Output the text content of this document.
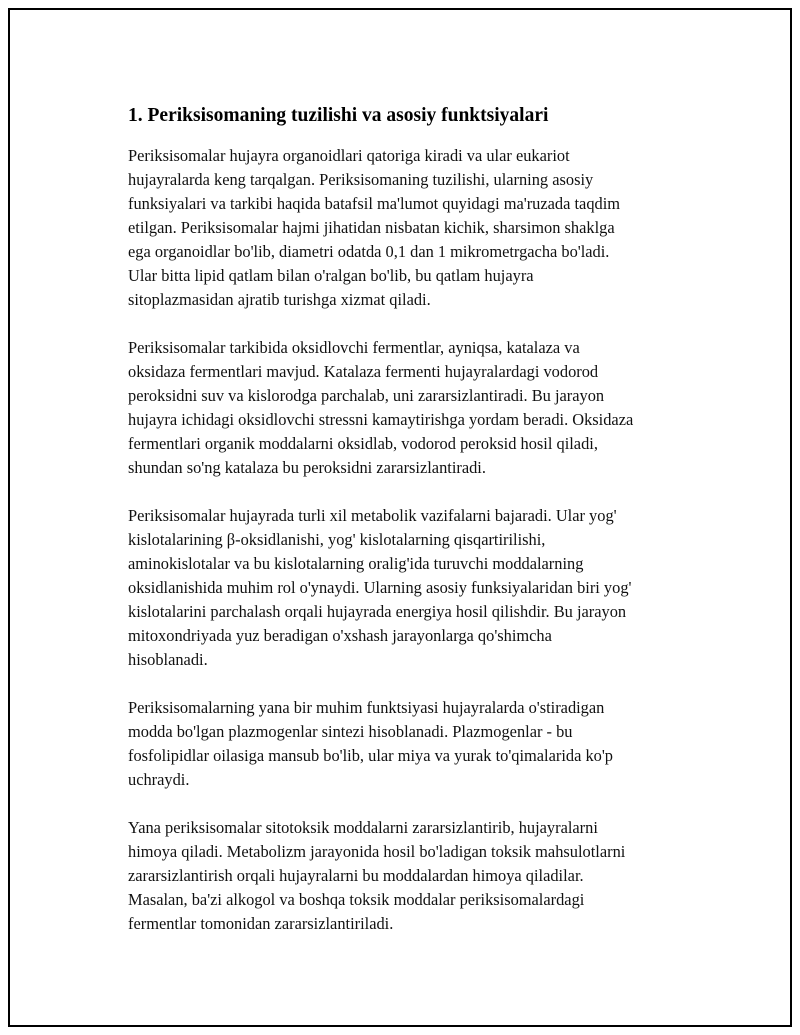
1. Periksisomaning tuzilishi va asosiy funktsiyalari
Periksisomalar hujayra organoidlari qatoriga kiradi va ular eukariot
hujayralarda keng tarqalgan. Periksisomaning tuzilishi, ularning asosiy
funksiyalari va tarkibi haqida batafsil ma'lumot quyidagi ma'ruzada taqdim
etilgan. Periksisomalar hajmi jihatidan nisbatan kichik, sharsimon shaklga
ega organoidlar bo'lib, diametri odatda 0,1 dan 1 mikrometrgacha bo'ladi.
Ular bitta lipid qatlam bilan o'ralgan bo'lib, bu qatlam hujayra
sitoplazmasidan ajratib turishga xizmat qiladi.
Periksisomalar tarkibida oksidlovchi fermentlar, ayniqsa, katalaza va
oksidaza fermentlari mavjud. Katalaza fermenti hujayralardagi vodorod
peroksidni suv va kislorodga parchalab, uni zararsizlantiradi. Bu jarayon
hujayra ichidagi oksidlovchi stressni kamaytirishga yordam beradi. Oksidaza
fermentlari organik moddalarni oksidlab, vodorod peroksid hosil qiladi,
shundan so'ng katalaza bu peroksidni zararsizlantiradi.
Periksisomalar hujayrada turli xil metabolik vazifalarni bajaradi. Ular yog'
kislotalarining β-oksidlanishi, yog' kislotalarning qisqartirilishi,
aminokislotalar va bu kislotalarning oralig'ida turuvchi moddalarning
oksidlanishida muhim rol o'ynaydi. Ularning asosiy funksiyalaridan biri yog'
kislotalarini parchalash orqali hujayrada energiya hosil qilishdir. Bu jarayon
mitoxondriyada yuz beradigan o'xshash jarayonlarga qo'shimcha
hisoblanadi.
Periksisomalarning yana bir muhim funktsiyasi hujayralarda o'stiradigan
modda bo'lgan plazmogenlar sintezi hisoblanadi. Plazmogenlar - bu
fosfolipidlar oilasiga mansub bo'lib, ular miya va yurak to'qimalarida ko'p
uchraydi.
Yana periksisomalar sitotoksik moddalarni zararsizlantirib, hujayralarni
himoya qiladi. Metabolizm jarayonida hosil bo'ladigan toksik mahsulotlarni
zararsizlantirish orqali hujayralarni bu moddalardan himoya qiladilar.
Masalan, ba'zi alkogol va boshqa toksik moddalar periksisomalardagi
fermentlar tomonidan zararsizlantiriladi.
